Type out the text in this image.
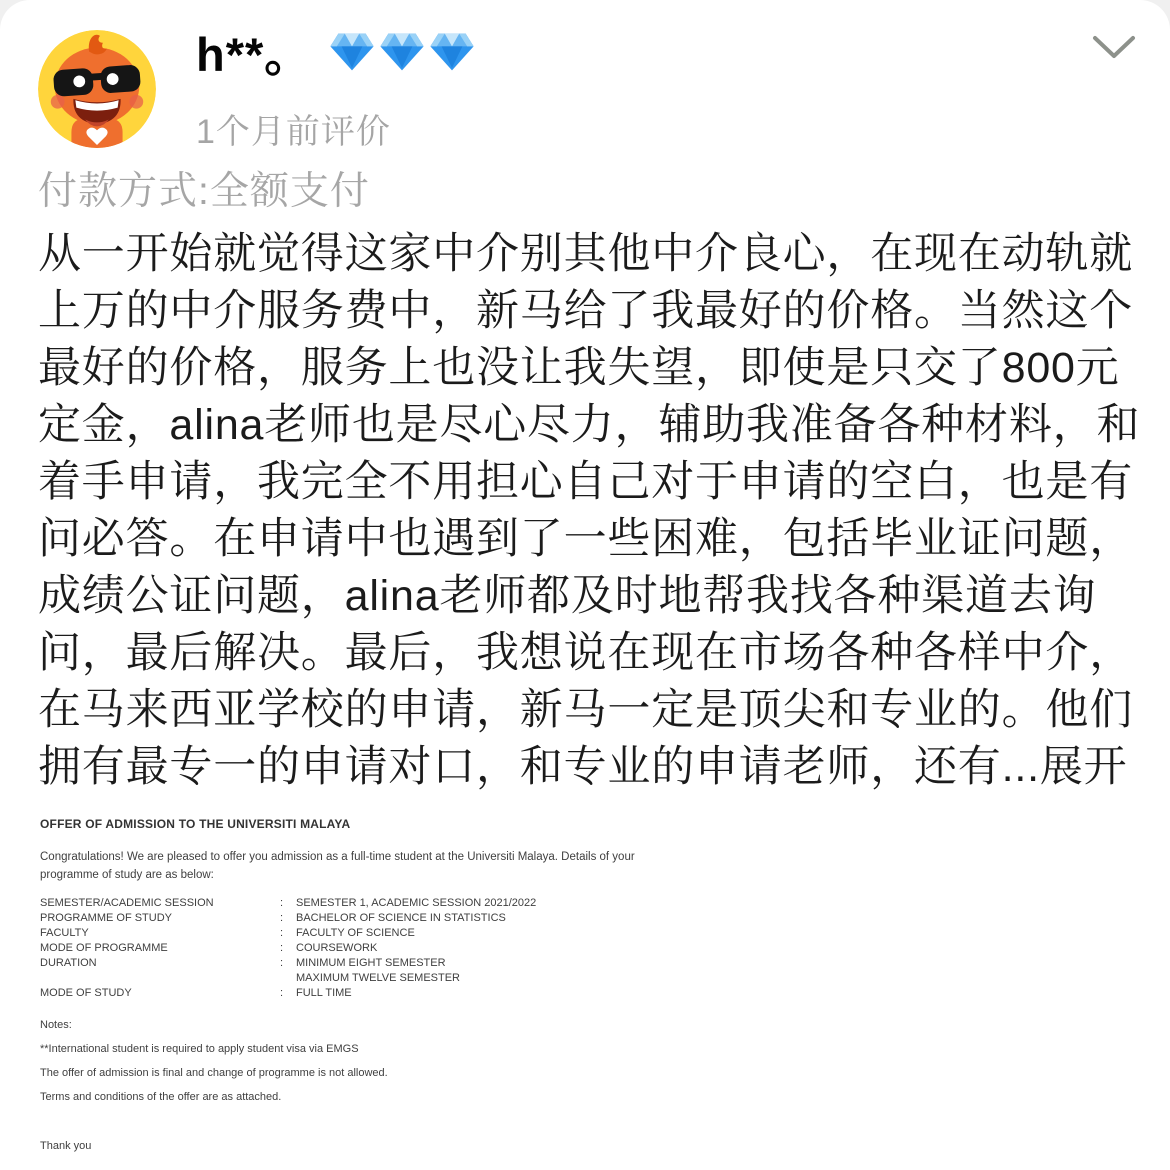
h**。
1个月前评价
付款方式:全额支付
从一开始就觉得这家中介别其他中介良心，在现在动轨就
上万的中介服务费中，新马给了我最好的价格。当然这个
最好的价格，服务上也没让我失望，即使是只交了800元
定金，alina老师也是尽心尽力，辅助我准备各种材料，和
着手申请，我完全不用担心自己对于申请的空白，也是有
问必答。在申请中也遇到了一些困难，包括毕业证问题，
成绩公证问题，alina老师都及时地帮我找各种渠道去询
问，最后解决。最后，我想说在现在市场各种各样中介，
在马来西亚学校的申请，新马一定是顶尖和专业的。他们
拥有最专一的申请对口，和专业的申请老师，还有...展开
OFFER OF ADMISSION TO THE UNIVERSITI MALAYA
Congratulations! We are pleased to offer you admission as a full-time student at the Universiti Malaya. Details of your programme of study are as below:
SEMESTER/ACADEMIC SESSION	:	SEMESTER 1, ACADEMIC SESSION 2021/2022
PROGRAMME OF STUDY	:	BACHELOR OF SCIENCE IN STATISTICS
FACULTY	:	FACULTY OF SCIENCE
MODE OF PROGRAMME	:	COURSEWORK
DURATION	:	MINIMUM EIGHT SEMESTER
MAXIMUM TWELVE SEMESTER
MODE OF STUDY	:	FULL TIME
Notes:
**International student is required to apply student visa via EMGS
The offer of admission is final and change of programme is not allowed.
Terms and conditions of the offer are as attached.
Thank you
